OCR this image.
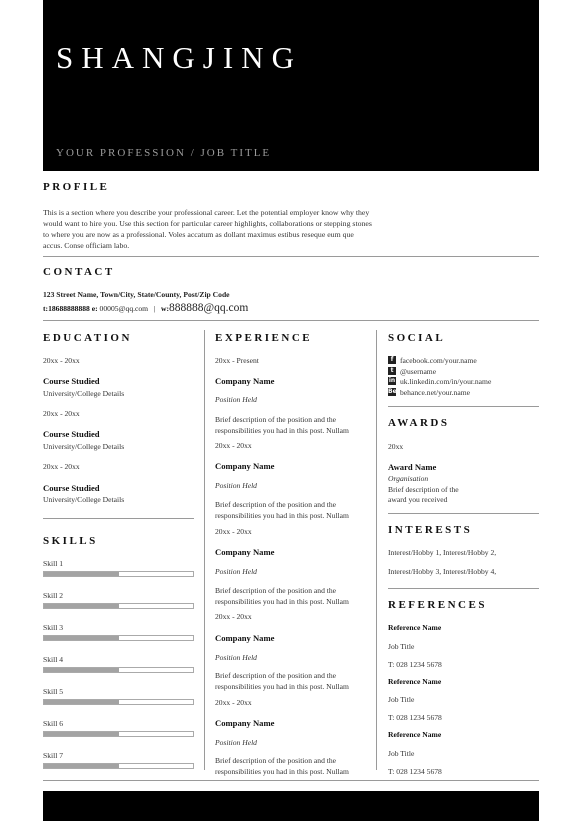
SHANGJING
YOUR PROFESSION / JOB TITLE
PROFILE
This is a section where you describe your professional career. Let the potential employer know why they
would want to hire you. Use this section for particular career highlights, collaborations or stepping stones
to where you are now as a professional. Voles accatum as dollant maximus estibus reseque eum que
accus. Conse officiam labo.
CONTACT
123 Street Name, Town/City, State/County, Post/Zip Code
t:18688888888 e: 00005@qq.com | w:888888@qq.com
EDUCATION
20xx - 20xx
Course Studied
University/College Details
20xx - 20xx
Course Studied
University/College Details
20xx - 20xx
Course Studied
University/College Details
SKILLS
Skill 1
Skill 2
Skill 3
Skill 4
Skill 5
Skill 6
Skill 7
EXPERIENCE
20xx - Present
Company Name
Position Held
Brief description of the position and the
responsibilities you had in this post. Nullam
20xx - 20xx
Company Name
Position Held
Brief description of the position and the
responsibilities you had in this post. Nullam
20xx - 20xx
Company Name
Position Held
Brief description of the position and the
responsibilities you had in this post. Nullam
20xx - 20xx
Company Name
Position Held
Brief description of the position and the
responsibilities you had in this post. Nullam
20xx - 20xx
Company Name
Position Held
Brief description of the position and the
responsibilities you had in this post. Nullam
SOCIAL
f facebook.com/your.name
t @username
in uk.linkedin.com/in/your.name
Be behance.net/your.name
AWARDS
20xx
Award Name
Organisation
Brief description of the
award you received
INTERESTS
Interest/Hobby 1, Interest/Hobby 2,
Interest/Hobby 3, Interest/Hobby 4,
REFERENCES
Reference Name
Job Title
T: 028 1234 5678
Reference Name
Job Title
T: 028 1234 5678
Reference Name
Job Title
T: 028 1234 5678
